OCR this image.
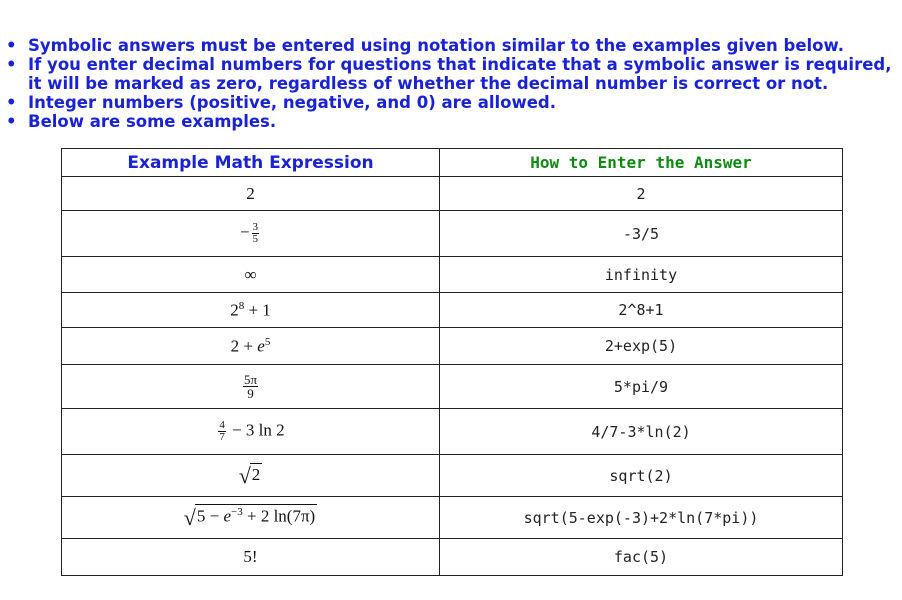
• Symbolic answers must be entered using notation similar to the examples given below.
• If you enter decimal numbers for questions that indicate that a symbolic answer is required, it will be marked as zero, regardless of whether the decimal number is correct or not.
• Integer numbers (positive, negative, and 0) are allowed.
• Below are some examples.
Example Math Expression	How to Enter the Answer
2	2
− $\frac{3}{5}$	-3/5
∞	infinity
$2^8 + 1$	2^8+1
$2 + e^5$	2+exp(5)

$\frac{5\pi}{9}$	5*pi/9

$\frac{4}{7} - 3$ ln 2	4/7-3*ln(2)
√2	sqrt(2)
$√5 - e^{-3} + 2$ ln(7π)	sqrt(5-exp(-3)+2*ln(7*pi))
5!	fac(5)
